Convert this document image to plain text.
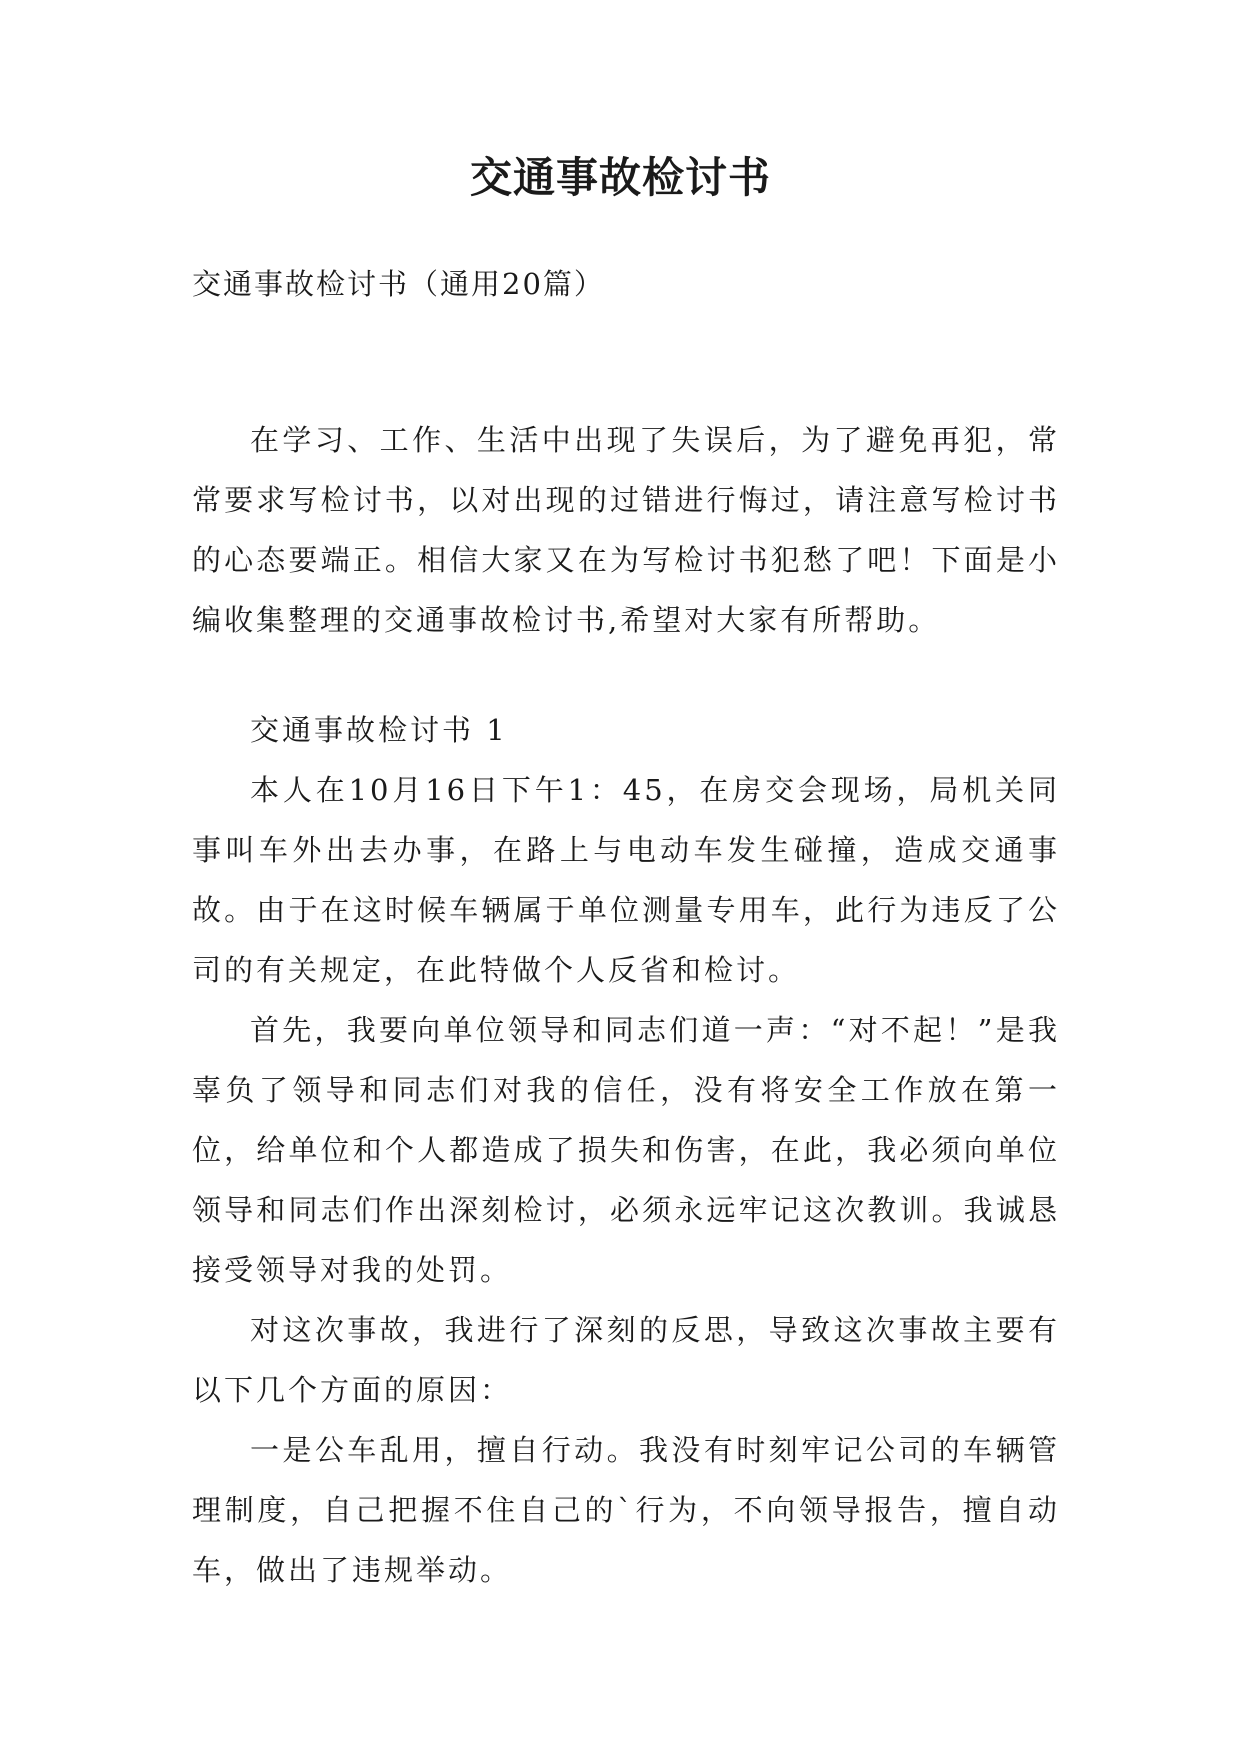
交通事故检讨书
交通事故检讨书（通用20篇）

在学习、工作、生活中出现了失误后，为了避免再犯，常常要求写检讨书，以对出现的过错进行悔过，请注意写检讨书的心态要端正。相信大家又在为写检讨书犯愁了吧！下面是小编收集整理的交通事故检讨书,希望对大家有所帮助。

交通事故检讨书 1

本人在10月16日下午1：45，在房交会现场，局机关同事叫车外出去办事，在路上与电动车发生碰撞，造成交通事故。由于在这时候车辆属于单位测量专用车，此行为违反了公司的有关规定，在此特做个人反省和检讨。

首先，我要向单位领导和同志们道一声：“对不起！”是我辜负了领导和同志们对我的信任，没有将安全工作放在第一位，给单位和个人都造成了损失和伤害，在此，我必须向单位领导和同志们作出深刻检讨，必须永远牢记这次教训。我诚恳接受领导对我的处罚。

对这次事故，我进行了深刻的反思，导致这次事故主要有以下几个方面的原因：

一是公车乱用，擅自行动。我没有时刻牢记公司的车辆管理制度，自己把握不住自己的`行为，不向领导报告，擅自动车，做出了违规举动。
